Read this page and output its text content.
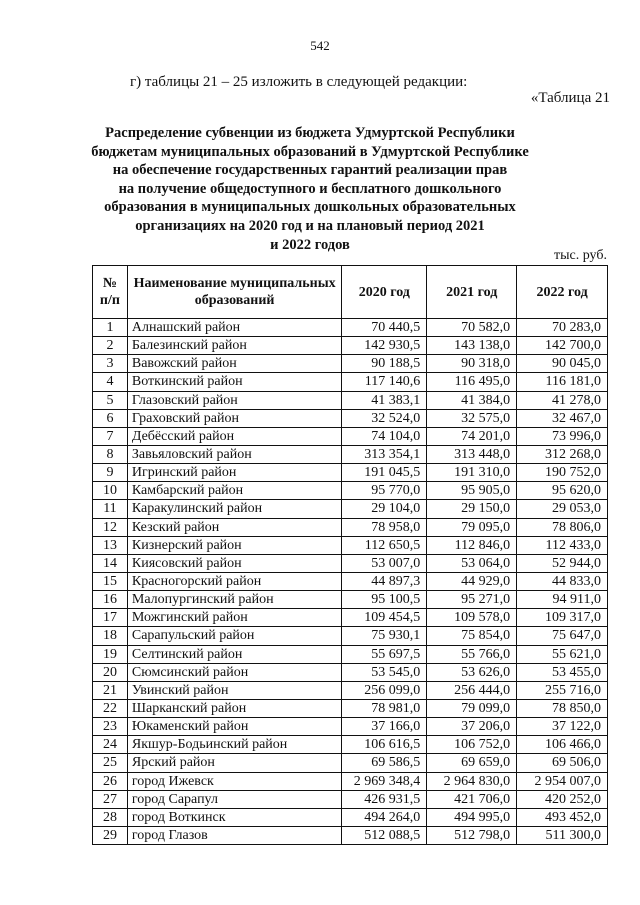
542
г) таблицы 21 – 25 изложить в следующей редакции:
«Таблица 21
Распределение субвенции из бюджета Удмуртской Республики
бюджетам муниципальных образований в Удмуртской Республике
на обеспечение государственных гарантий реализации прав
на получение общедоступного и бесплатного дошкольного
образования в муниципальных дошкольных образовательных
организациях на 2020 год и на плановый период 2021
и 2022 годов
тыс. руб.
№ п/п	Наименование муниципальных образований	2020 год	2021 год	2022 год
1	Алнашский район	70 440,5	70 582,0	70 283,0
2	Балезинский район	142 930,5	143 138,0	142 700,0
3	Вавожский район	90 188,5	90 318,0	90 045,0
4	Воткинский район	117 140,6	116 495,0	116 181,0
5	Глазовский район	41 383,1	41 384,0	41 278,0
6	Граховский район	32 524,0	32 575,0	32 467,0
7	Дебёсский район	74 104,0	74 201,0	73 996,0
8	Завьяловский район	313 354,1	313 448,0	312 268,0
9	Игринский район	191 045,5	191 310,0	190 752,0
10	Камбарский район	95 770,0	95 905,0	95 620,0
11	Каракулинский район	29 104,0	29 150,0	29 053,0
12	Кезский район	78 958,0	79 095,0	78 806,0
13	Кизнерский район	112 650,5	112 846,0	112 433,0
14	Киясовский район	53 007,0	53 064,0	52 944,0
15	Красногорский район	44 897,3	44 929,0	44 833,0
16	Малопургинский район	95 100,5	95 271,0	94 911,0
17	Можгинский район	109 454,5	109 578,0	109 317,0
18	Сарапульский район	75 930,1	75 854,0	75 647,0
19	Селтинский район	55 697,5	55 766,0	55 621,0
20	Сюмсинский район	53 545,0	53 626,0	53 455,0
21	Увинский район	256 099,0	256 444,0	255 716,0
22	Шарканский район	78 981,0	79 099,0	78 850,0
23	Юкаменский район	37 166,0	37 206,0	37 122,0
24	Якшур-Бодьинский район	106 616,5	106 752,0	106 466,0
25	Ярский район	69 586,5	69 659,0	69 506,0
26	город Ижевск	2 969 348,4	2 964 830,0	2 954 007,0
27	город Сарапул	426 931,5	421 706,0	420 252,0
28	город Воткинск	494 264,0	494 995,0	493 452,0
29	город Глазов	512 088,5	512 798,0	511 300,0
